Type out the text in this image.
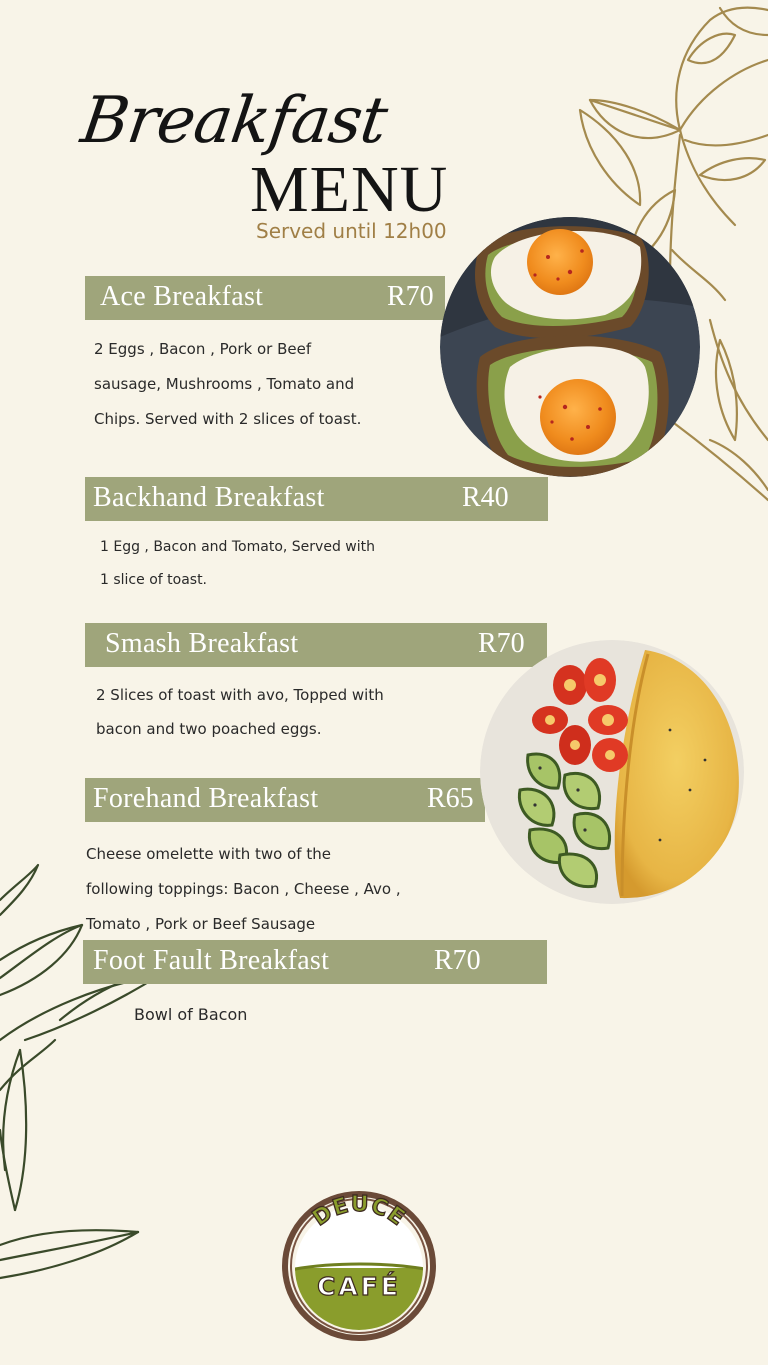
Breakfast
MENU
Served until 12h00
Ace Breakfast	R70
2 Eggs , Bacon , Pork or Beef
sausage, Mushrooms , Tomato and
Chips. Served with 2 slices of toast.
Backhand Breakfast	R40
1 Egg , Bacon and Tomato, Served with
1 slice of toast.
Smash Breakfast	R70
2 Slices of toast with avo, Topped with
bacon and two poached eggs.
Forehand Breakfast	R65
Cheese omelette with two of the
following toppings: Bacon , Cheese , Avo ,
Tomato , Pork or Beef Sausage
Foot Fault Breakfast	R70
Bowl of Bacon
DEUCE
CAFÉ
